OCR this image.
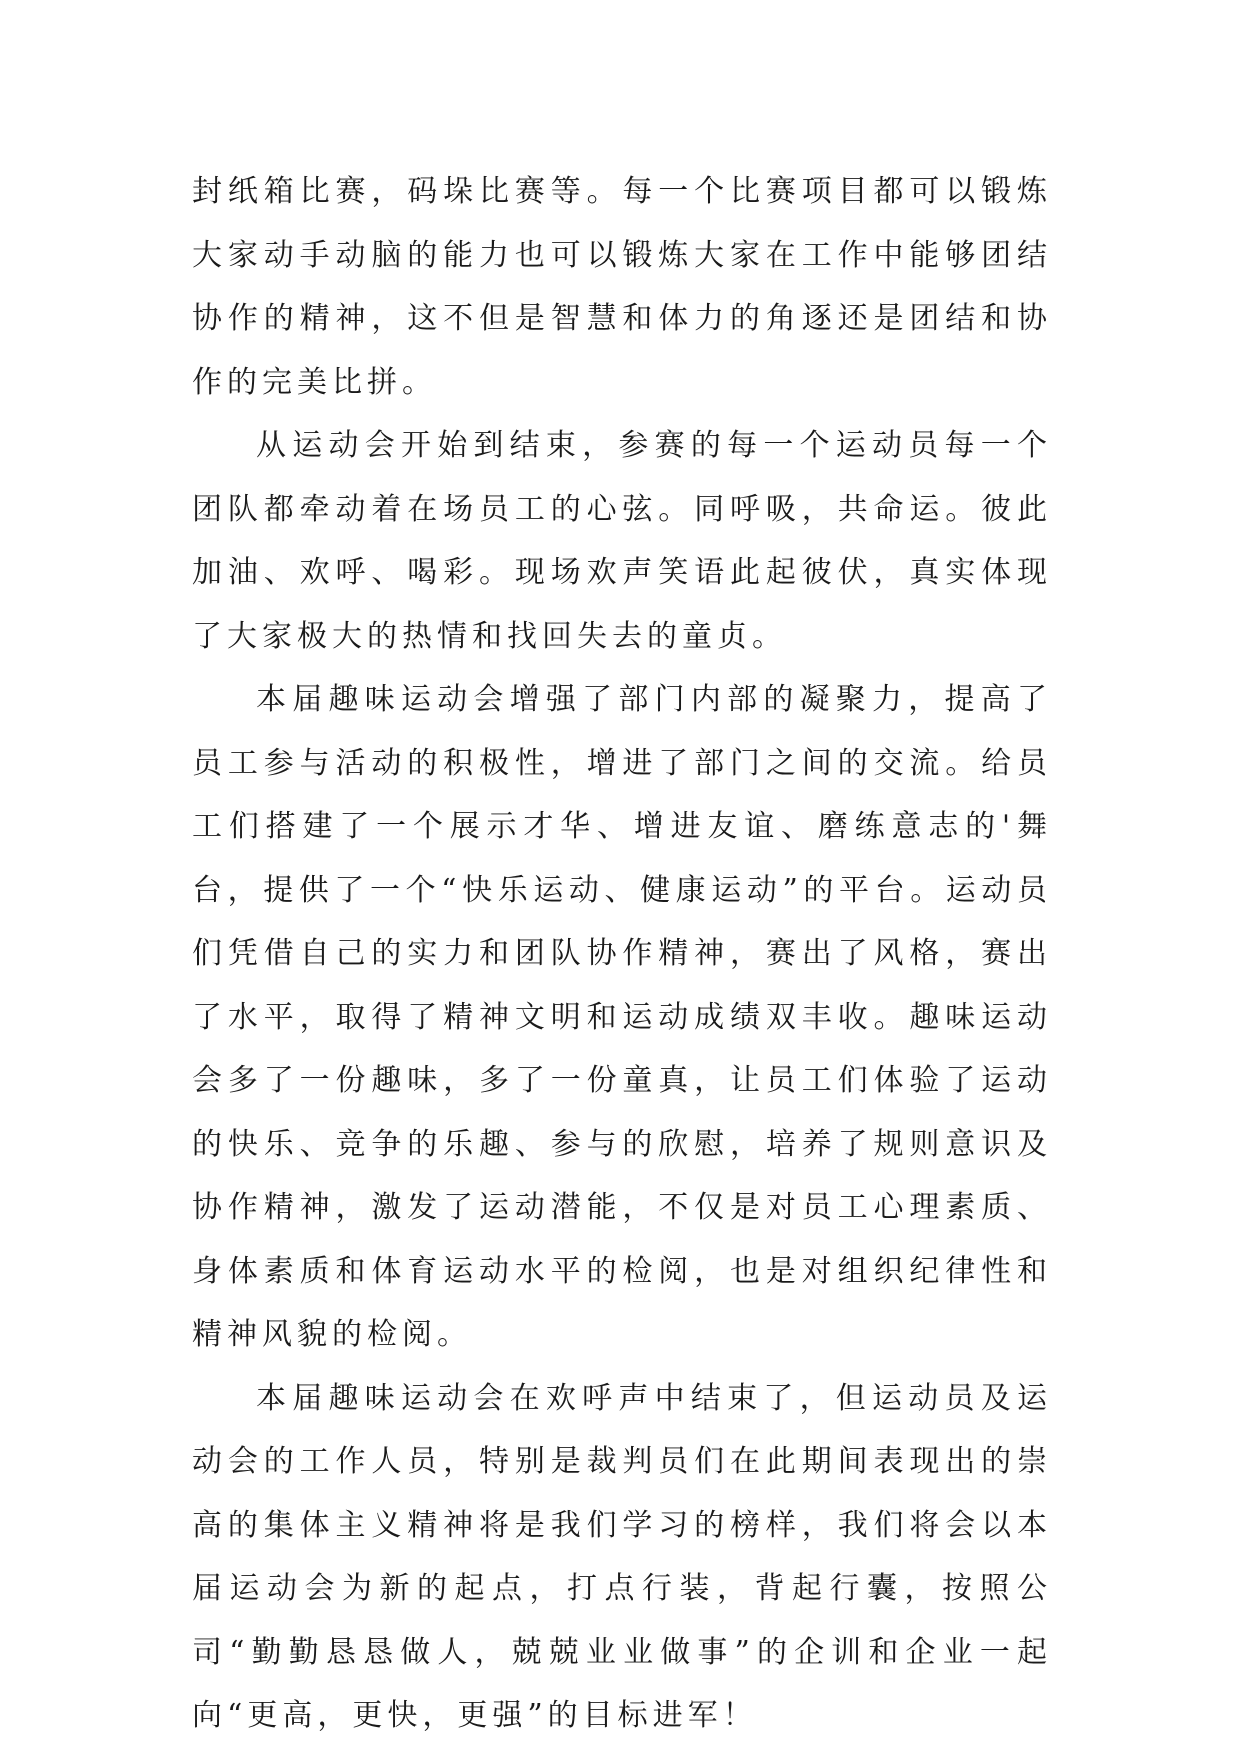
封纸箱比赛，码垛比赛等。每一个比赛项目都可以锻炼大家动手动脑的能力也可以锻炼大家在工作中能够团结协作的精神，这不但是智慧和体力的角逐还是团结和协作的完美比拼。

从运动会开始到结束，参赛的每一个运动员每一个团队都牵动着在场员工的心弦。同呼吸，共命运。彼此加油、欢呼、喝彩。现场欢声笑语此起彼伏，真实体现了大家极大的热情和找回失去的童贞。

本届趣味运动会增强了部门内部的凝聚力，提高了员工参与活动的积极性，增进了部门之间的交流。给员工们搭建了一个展示才华、增进友谊、磨练意志的'舞台，提供了一个“快乐运动、健康运动”的平台。运动员们凭借自己的实力和团队协作精神，赛出了风格，赛出了水平，取得了精神文明和运动成绩双丰收。趣味运动会多了一份趣味，多了一份童真，让员工们体验了运动的快乐、竞争的乐趣、参与的欣慰，培养了规则意识及协作精神，激发了运动潜能，不仅是对员工心理素质、身体素质和体育运动水平的检阅，也是对组织纪律性和精神风貌的检阅。

本届趣味运动会在欢呼声中结束了，但运动员及运动会的工作人员，特别是裁判员们在此期间表现出的崇高的集体主义精神将是我们学习的榜样，我们将会以本届运动会为新的起点，打点行装，背起行囊，按照公司“勤勤恳恳做人，兢兢业业做事”的企训和企业一起向“更高，更快，更强”的目标进军！
